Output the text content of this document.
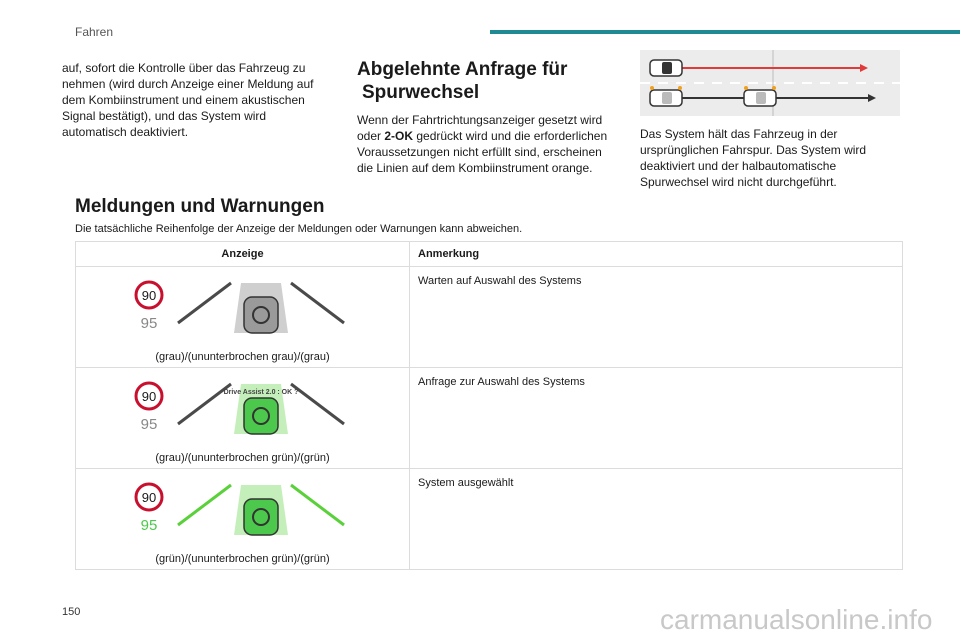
Fahren

auf, sofort die Kontrolle über das Fahrzeug zu nehmen (wird durch Anzeige einer Meldung auf dem Kombiinstrument und einem akustischen Signal bestätigt), und das System wird automatisch deaktiviert.

Abgelehnte Anfrage für
Spurwechsel

Wenn der Fahrtrichtungsanzeiger gesetzt wird oder 2-OK gedrückt wird und die erforderlichen Voraussetzungen nicht erfüllt sind, erscheinen die Linien auf dem Kombiinstrument orange.

Das System hält das Fahrzeug in der ursprünglichen Fahrspur. Das System wird deaktiviert und der halbautomatische Spurwechsel wird nicht durchgeführt.

Meldungen und Warnungen
Die tatsächliche Reihenfolge der Anzeige der Meldungen oder Warnungen kann abweichen.
Anzeige	Anmerkung

90
95
(grau)/(ununterbrochen grau)/(grau)	Warten auf Auswahl des Systems

90
95
Drive Assist 2.0 : OK ?
(grau)/(ununterbrochen grün)/(grün)	Anfrage zur Auswahl des Systems

90
95
(grün)/(ununterbrochen grün)/(grün)	System ausgewählt
150	carmanualsonline.info
